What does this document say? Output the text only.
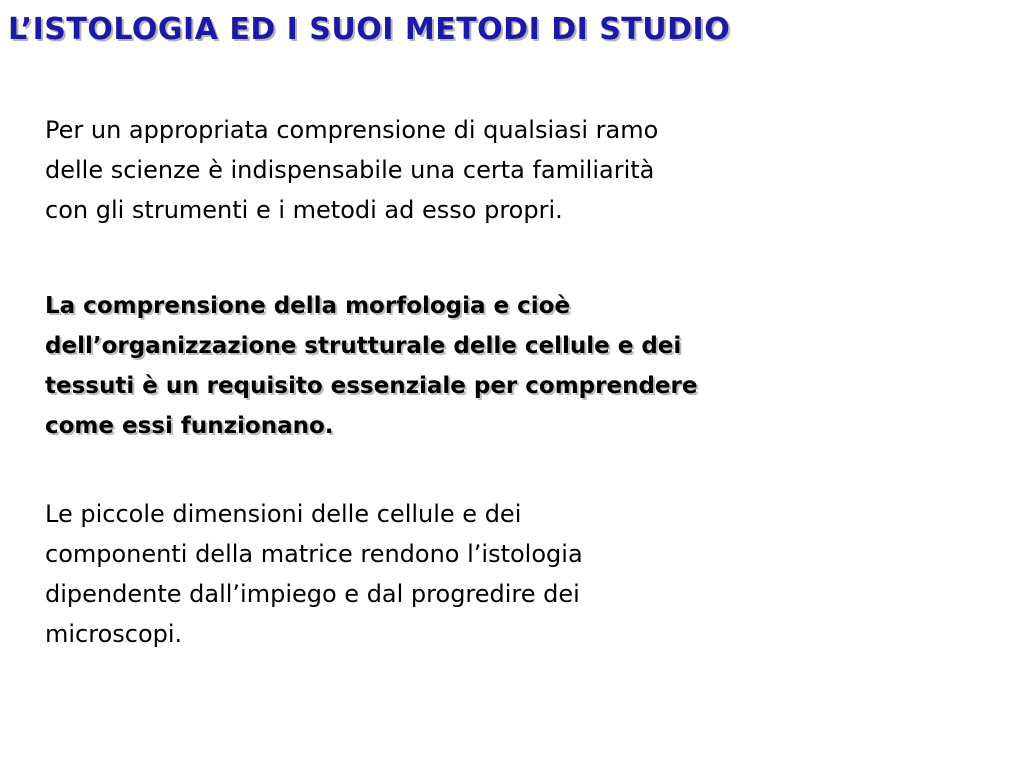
L’ISTOLOGIA ED I SUOI METODI DI STUDIO

Per un appropriata comprensione di qualsiasi ramo
delle scienze è indispensabile una certa familiarità
con gli strumenti e i metodi ad esso propri.

La comprensione della morfologia e cioè
dell’organizzazione strutturale delle cellule e dei
tessuti è un requisito essenziale per comprendere
come essi funzionano.

Le piccole dimensioni delle cellule e dei
componenti della matrice rendono l’istologia
dipendente dall’impiego e dal progredire dei
microscopi.
